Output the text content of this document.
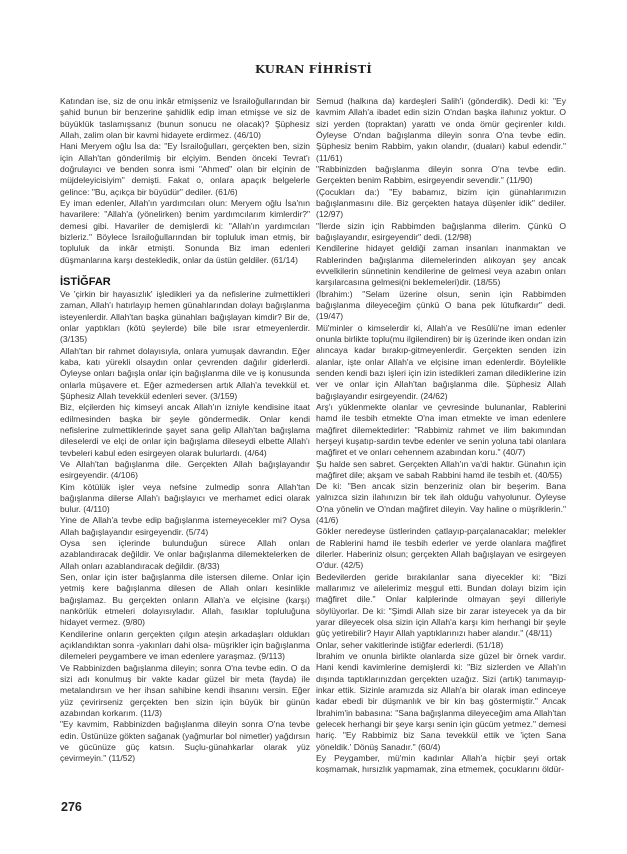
KURAN FİHRİSTİ

Katından ise, siz de onu inkâr etmişseniz ve İsrailoğullarından bir şahid bunun bir benzerine şahidlik edip iman etmişse ve siz de büyüklük taslamışsanız (bunun sonucu ne olacak)? Şüphesiz Allah, zalim olan bir kavmi hidayete erdirmez. (46/10)

Hani Meryem oğlu İsa da: "Ey İsrailoğulları, gerçekten ben, sizin için Allah'tan gönderilmiş bir elçiyim. Benden önceki Tevrat'ı doğrulayıcı ve benden sonra ismi "Ahmed" olan bir elçinin de müjdeleyicisiyim" demişti. Fakat o, onlara apaçık belgelerle gelince: "Bu, açıkça bir büyüdür" dediler. (61/6)

Ey iman edenler, Allah'ın yardımcıları olun: Meryem oğlu İsa'nın havarilere: "Allah'a (yönelirken) benim yardımcılarım kimlerdir?" demesi gibi. Havariler de demişlerdi ki: "Allah'ın yardımcıları bizleriz." Böylece İsrailoğullarından bir topluluk iman etmiş, bir topluluk da inkâr etmişti. Sonunda Biz iman edenleri düşmanlarına karşı destekledik, onlar da üstün geldiler. (61/14)

İSTİĞFAR

Ve 'çirkin bir hayasızlık' işledikleri ya da nefislerine zulmettikleri zaman, Allah'ı hatırlayıp hemen günahlarından dolayı bağışlanma isteyenlerdir. Allah'tan başka günahları bağışlayan kimdir? Bir de, onlar yaptıkları (kötü şeylerde) bile bile ısrar etmeyenlerdir. (3/135)

Allah'tan bir rahmet dolayısıyla, onlara yumuşak davrandın. Eğer kaba, katı yürekli olsaydın onlar çevrenden dağılır giderlerdi. Öyleyse onları bağışla onlar için bağışlanma dile ve iş konusunda onlarla müşavere et. Eğer azmedersen artık Allah'a tevekkül et. Şüphesiz Allah tevekkül edenleri sever. (3/159)

Biz, elçilerden hiç kimseyi ancak Allah'ın izniyle kendisine itaat edilmesinden başka bir şeyle göndermedik. Onlar kendi nefislerine zulmettiklerinde şayet sana gelip Allah'tan bağışlama dileselerdi ve elçi de onlar için bağışlama dileseydi elbette Allah'ı tevbeleri kabul eden esirgeyen olarak bulurlardı. (4/64)

Ve Allah'tan bağışlanma dile. Gerçekten Allah bağışlayandır esirgeyendir. (4/106)

Kim kötülük işler veya nefsine zulmedip sonra Allah'tan bağışlanma dilerse Allah'ı bağışlayıcı ve merhamet edici olarak bulur. (4/110)

Yine de Allah'a tevbe edip bağışlanma istemeyecekler mi? Oysa Allah bağışlayandır esirgeyendir. (5/74)

Oysa sen içlerinde bulunduğun sürece Allah onları azablandıracak değildir. Ve onlar bağışlanma dilemektelerken de Allah onları azablandıracak değildir. (8/33)

Sen, onlar için ister bağışlanma dile istersen dileme. Onlar için yetmiş kere bağışlanma dilesen de Allah onları kesinlikle bağışlamaz. Bu gerçekten onların Allah'a ve elçisine (karşı) nankörlük etmeleri dolayısıyladır. Allah, fasıklar topluluğuna hidayet vermez. (9/80)

Kendilerine onların gerçekten çılgın ateşin arkadaşları oldukları açıklandıktan sonra -yakınları dahi olsa- müşrikler için bağışlanma dilemeleri peygambere ve iman edenlere yaraşmaz. (9/113)

Ve Rabbinizden bağışlanma dileyin; sonra O'na tevbe edin. O da sizi adı konulmuş bir vakte kadar güzel bir meta (fayda) ile metalandırsın ve her ihsan sahibine kendi ihsanını versin. Eğer yüz çevirirseniz gerçekten ben sizin için büyük bir günün azabından korkarım. (11/3)

"Ey kavmim, Rabbinizden bağışlanma dileyin sonra O'na tevbe edin. Üstünüze gökten sağanak (yağmurlar bol nimetler) yağdırsın ve gücünüze güç katsın. Suçlu-günahkarlar olarak yüz çevirmeyin." (11/52)

Semud (halkına da) kardeşleri Salih'i (gönderdik). Dedi ki: "Ey kavmim Allah'a ibadet edin sizin O'ndan başka ilahınız yoktur. O sizi yerden (topraktan) yarattı ve onda ömür geçirenler kıldı. Öyleyse O'ndan bağışlanma dileyin sonra O'na tevbe edin. Şüphesiz benim Rabbim, yakın olandır, (duaları) kabul edendir." (11/61)

"Rabbinizden bağışlanma dileyin sonra O'na tevbe edin. Gerçekten benim Rabbim, esirgeyendir sevendir." (11/90)

(Çocukları da:) "Ey babamız, bizim için günahlarımızın bağışlanmasını dile. Biz gerçekten hataya düşenler idik" dediler. (12/97)

"İlerde sizin için Rabbimden bağışlanma dilerim. Çünkü O bağışlayandır, esirgeyendir" dedi. (12/98)

Kendilerine hidayet geldiği zaman insanları inanmaktan ve Rablerinden bağışlanma dilemelerinden alıkoyan şey ancak evvelkilerin sünnetinin kendilerine de gelmesi veya azabın onları karşılarcasına gelmesi(ni beklemeleri)dir. (18/55)

(İbrahim:) "Selam üzerine olsun, senin için Rabbimden bağışlanma dileyeceğim çünkü O bana pek lütufkardır" dedi. (19/47)

Mü'minler o kimselerdir ki, Allah'a ve Resûlü'ne iman edenler onunla birlikte toplu(mu ilgilendiren) bir iş üzerinde iken ondan izin alıncaya kadar bırakıp-gitmeyenlerdir. Gerçekten senden izin alanlar, işte onlar Allah'a ve elçisine iman edenlerdir. Böylelikle senden kendi bazı işleri için izin istedikleri zaman dilediklerine izin ver ve onlar için Allah'tan bağışlanma dile. Şüphesiz Allah bağışlayandır esirgeyendir. (24/62)

Arş'ı yüklenmekte olanlar ve çevresinde bulunanlar, Rablerini hamd ile tesbih etmekte O'na iman etmekte ve iman edenlere mağfiret dilemektedirler: "Rabbimiz rahmet ve ilim bakımından herşeyi kuşatıp-sardın tevbe edenler ve senin yoluna tabi olanlara mağfiret et ve onları cehennem azabından koru." (40/7)

Şu halde sen sabret. Gerçekten Allah'ın va'di haktır. Günahın için mağfiret dile; akşam ve sabah Rabbini hamd ile tesbih et. (40/55)

De ki: "Ben ancak sizin benzeriniz olan bir beşerim. Bana yalnızca sizin ilahınızın bir tek ilah olduğu vahyolunur. Öyleyse O'na yönelin ve O'ndan mağfiret dileyin. Vay haline o müşriklerin." (41/6)

Gökler neredeyse üstlerinden çatlayıp-parçalanacaklar; melekler de Rablerini hamd ile tesbih ederler ve yerde olanlara mağfiret dilerler. Haberiniz olsun; gerçekten Allah bağışlayan ve esirgeyen O'dur. (42/5)

Bedevilerden geride bırakılanlar sana diyecekler ki: "Bizi mallarımız ve ailelerimiz meşgul etti. Bundan dolayı bizim için mağfiret dile." Onlar kalplerinde olmayan şeyi dilleriyle söylüyorlar. De ki: "Şimdi Allah size bir zarar isteyecek ya da bir yarar dileyecek olsa sizin için Allah'a karşı kim herhangi bir şeyle güç yetirebilir? Hayır Allah yaptıklarınızı haber alandır." (48/11)

Onlar, seher vakitlerinde istiğfar ederlerdi. (51/18)

İbrahim ve onunla birlikte olanlarda size güzel bir örnek vardır. Hani kendi kavimlerine demişlerdi ki: "Biz sizlerden ve Allah'ın dışında taptıklarınızdan gerçekten uzağız. Sizi (artık) tanımayıp-inkar ettik. Sizinle aramızda siz Allah'a bir olarak iman edinceye kadar ebedi bir düşmanlık ve bir kin baş göstermiştir." Ancak İbrahim'in babasına: "Sana bağışlanma dileyeceğim ama Allah'tan gelecek herhangi bir şeye karşı senin için gücüm yetmez." demesi hariç. "Ey Rabbimiz biz Sana tevekkül ettik ve 'içten Sana yöneldik.' Dönüş Sanadır." (60/4)

Ey Peygamber, mü'min kadınlar Allah'a hiçbir şeyi ortak koşmamak, hırsızlık yapmamak, zina etmemek, çocuklarını öldür-

276
